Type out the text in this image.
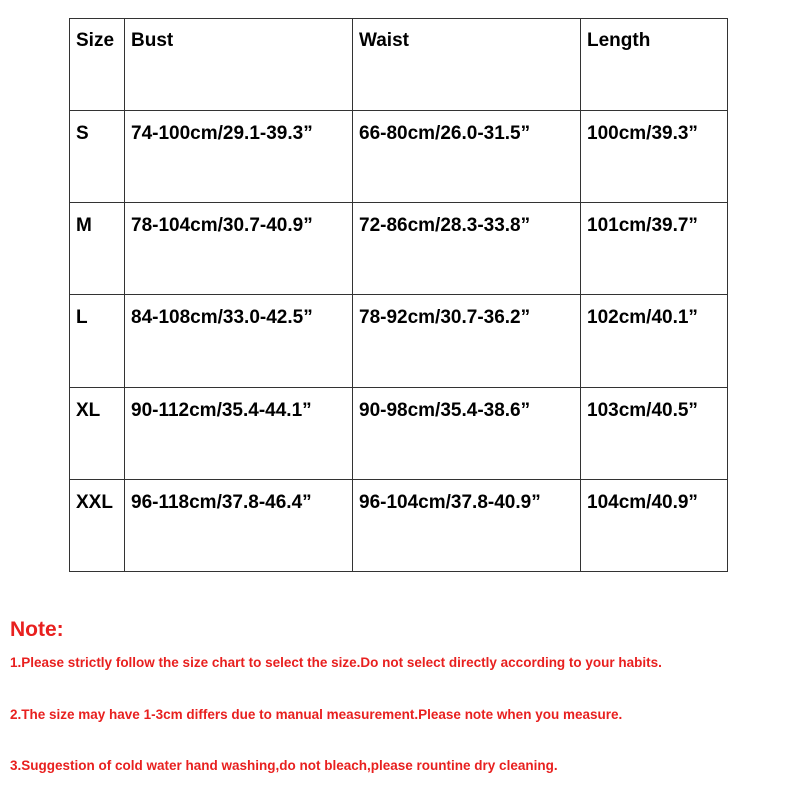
Size	Bust	Waist	Length
S	74-100cm/29.1-39.3”	66-80cm/26.0-31.5”	100cm/39.3”
M	78-104cm/30.7-40.9”	72-86cm/28.3-33.8”	101cm/39.7”
L	84-108cm/33.0-42.5”	78-92cm/30.7-36.2”	102cm/40.1”
XL	90-112cm/35.4-44.1”	90-98cm/35.4-38.6”	103cm/40.5”
XXL	96-118cm/37.8-46.4”	96-104cm/37.8-40.9”	104cm/40.9”

Note:

1.Please strictly follow the size chart to select the size.Do not select directly according to your habits.

2.The size may have 1-3cm differs due to manual measurement.Please note when you measure.

3.Suggestion of cold water hand washing,do not bleach,please rountine dry cleaning.
